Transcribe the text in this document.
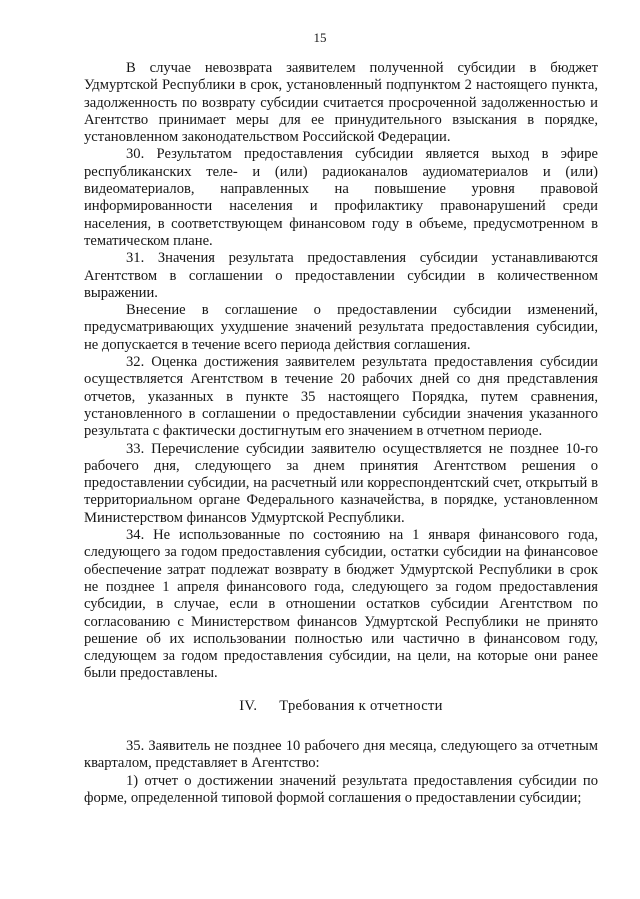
15

В случае невозврата заявителем полученной субсидии в бюджет Удмуртской Республики в срок, установленный подпунктом 2 настоящего пункта, задолженность по возврату субсидии считается просроченной задолженностью и Агентство принимает меры для ее принудительного взыскания в порядке, установленном законодательством Российской Федерации.

30. Результатом предоставления субсидии является выход в эфире республиканских теле- и (или) радиоканалов аудиоматериалов и (или) видеоматериалов, направленных на повышение уровня правовой информированности населения и профилактику правонарушений среди населения, в соответствующем финансовом году в объеме, предусмотренном в тематическом плане.

31. Значения результата предоставления субсидии устанавливаются Агентством в соглашении о предоставлении субсидии в количественном выражении.

Внесение в соглашение о предоставлении субсидии изменений, предусматривающих ухудшение значений результата предоставления субсидии, не допускается в течение всего периода действия соглашения.

32. Оценка достижения заявителем результата предоставления субсидии осуществляется Агентством в течение 20 рабочих дней со дня представления отчетов, указанных в пункте 35 настоящего Порядка, путем сравнения, установленного в соглашении о предоставлении субсидии значения указанного результата с фактически достигнутым его значением в отчетном периоде.

33. Перечисление субсидии заявителю осуществляется не позднее 10-го рабочего дня, следующего за днем принятия Агентством решения о предоставлении субсидии, на расчетный или корреспондентский счет, открытый в территориальном органе Федерального казначейства, в порядке, установленном Министерством финансов Удмуртской Республики.

34. Не использованные по состоянию на 1 января финансового года, следующего за годом предоставления субсидии, остатки субсидии на финансовое обеспечение затрат подлежат возврату в бюджет Удмуртской Республики в срок не позднее 1 апреля финансового года, следующего за годом предоставления субсидии, в случае, если в отношении остатков субсидии Агентством по согласованию с Министерством финансов Удмуртской Республики не принято решение об их использовании полностью или частично в финансовом году, следующем за годом предоставления субсидии, на цели, на которые они ранее были предоставлены.

IV. Требования к отчетности

35. Заявитель не позднее 10 рабочего дня месяца, следующего за отчетным кварталом, представляет в Агентство:

1) отчет о достижении значений результата предоставления субсидии по форме, определенной типовой формой соглашения о предоставлении субсидии;
